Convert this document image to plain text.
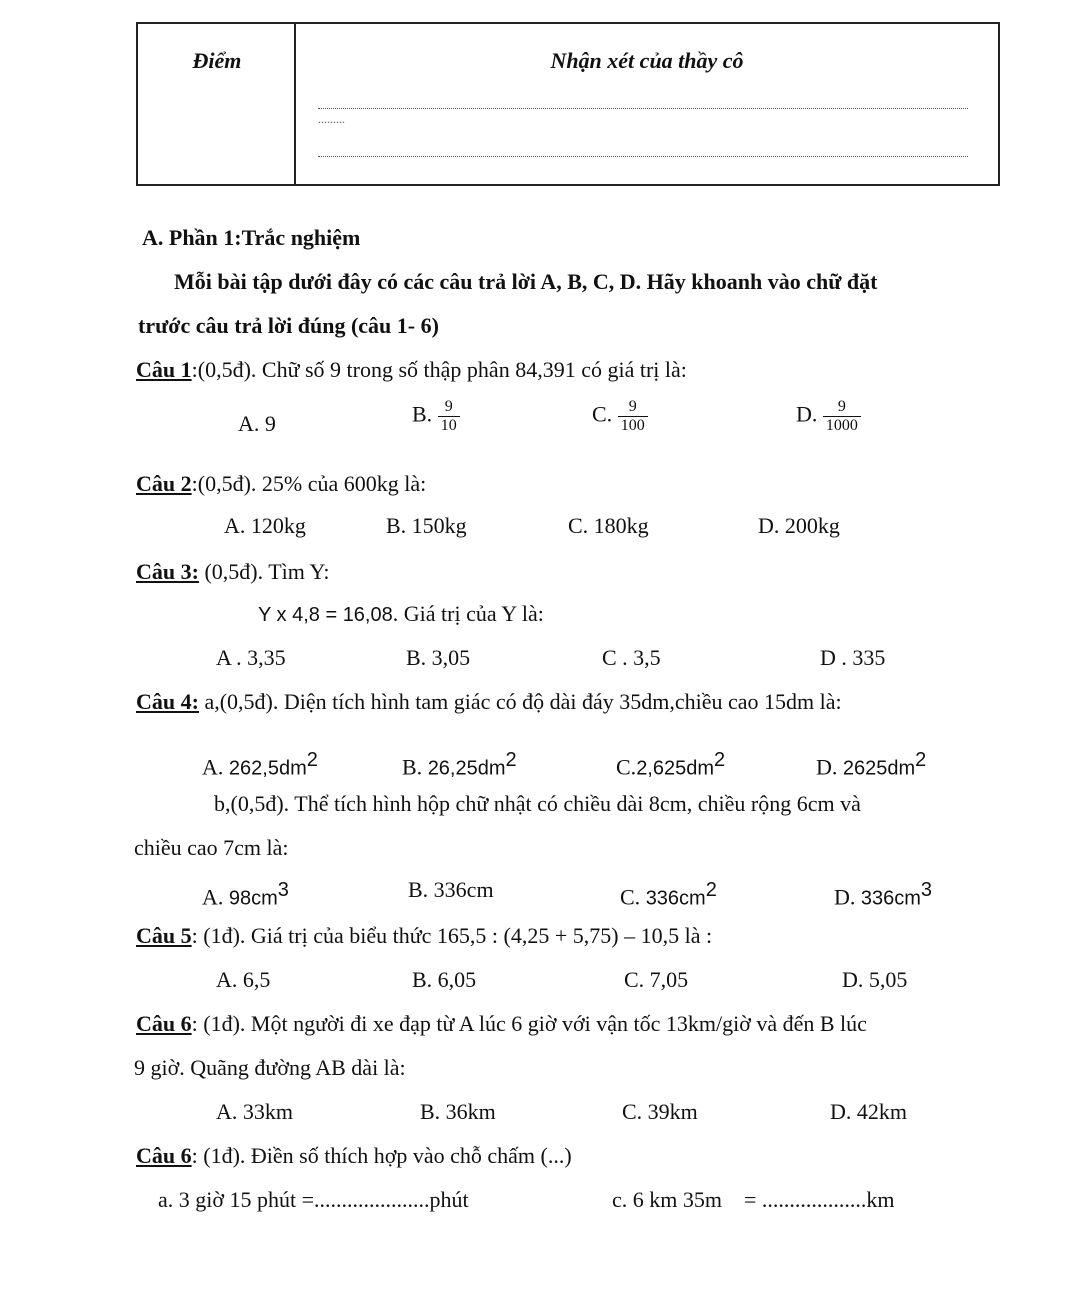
Điểm	Nhận xét của thầy cô
.........
A. Phần 1:Trắc nghiệm
Mỗi bài tập dưới đây có các câu trả lời A, B, C, D. Hãy khoanh vào chữ đặt
trước câu trả lời đúng (câu 1- 6)
Câu 1:(0,5đ). Chữ số 9 trong số thập phân 84,391 có giá trị là:
A. 9	B. $\frac{9}{10}$	C. $\frac{9}{100}$	D. $\frac{9}{1000}$
Câu 2:(0,5đ). 25% của 600kg là:
A. 120kg	B. 150kg	C. 180kg	D. 200kg
Câu 3: (0,5đ). Tìm Y:
Y x 4,8 = 16,08. Giá trị của Y là:
A . 3,35	B. 3,05	C . 3,5	D . 335
Câu 4: a,(0,5đ). Diện tích hình tam giác có độ dài đáy 35dm,chiều cao 15dm là:
A. $262,5dm^2$	B. $26,25dm^2$	$C.2,625dm^2$	D. $2625dm^2$
b,(0,5đ). Thể tích hình hộp chữ nhật có chiều dài 8cm, chiều rộng 6cm và
chiều cao 7cm là:
A. $98cm^3$	B. 336cm	C. $336cm^2$	D. $336cm^3$
Câu 5: (1đ). Giá trị của biểu thức 165,5 : (4,25 + 5,75) – 10,5 là :
A. 6,5	B. 6,05	C. 7,05	D. 5,05
Câu 6: (1đ). Một người đi xe đạp từ A lúc 6 giờ với vận tốc 13km/giờ và đến B lúc
9 giờ. Quãng đường AB dài là:
A. 33km	B. 36km	C. 39km	D. 42km
Câu 6: (1đ). Điền số thích hợp vào chỗ chấm (...)
a. 3 giờ 15 phút =.....................phút	c. 6 km 35m    = ...................km
